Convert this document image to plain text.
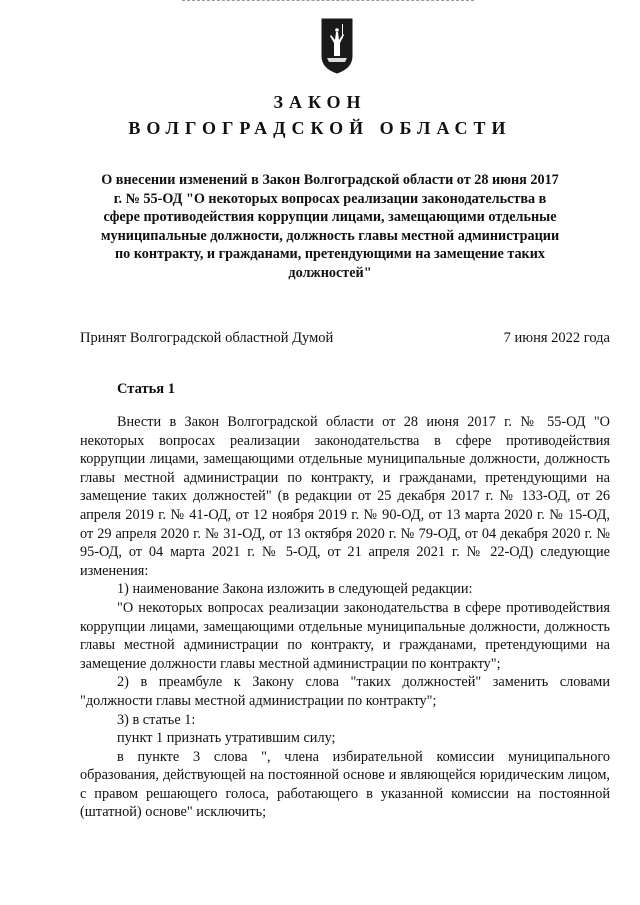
ЗАКОН
ВОЛГОГРАДСКОЙ ОБЛАСТИ
О внесении изменений в Закон Волгоградской области от 28 июня 2017 г. № 55-ОД "О некоторых вопросах реализации законодательства в сфере противодействия коррупции лицами, замещающими отдельные муниципальные должности, должность главы местной администрации по контракту, и гражданами, претендующими на замещение таких должностей"
Принят Волгоградской областной Думой	7 июня 2022 года
Статья 1

Внести в Закон Волгоградской области от 28 июня 2017 г. № 55-ОД "О некоторых вопросах реализации законодательства в сфере противодействия коррупции лицами, замещающими отдельные муниципальные должности, должность главы местной администрации по контракту, и гражданами, претендующими на замещение таких должностей" (в редакции от 25 декабря 2017 г. № 133-ОД, от 26 апреля 2019 г. № 41-ОД, от 12 ноября 2019 г. № 90-ОД, от 13 марта 2020 г. № 15-ОД, от 29 апреля 2020 г. № 31-ОД, от 13 октября 2020 г. № 79-ОД, от 04 декабря 2020 г. № 95-ОД, от 04 марта 2021 г. № 5-ОД, от 21 апреля 2021 г. № 22-ОД) следующие изменения:

1) наименование Закона изложить в следующей редакции:

"О некоторых вопросах реализации законодательства в сфере противодействия коррупции лицами, замещающими отдельные муниципальные должности, должность главы местной администрации по контракту, и гражданами, претендующими на замещение должности главы местной администрации по контракту";

2) в преамбуле к Закону слова "таких должностей" заменить словами "должности главы местной администрации по контракту";

3) в статье 1:

пункт 1 признать утратившим силу;

в пункте 3 слова ", члена избирательной комиссии муниципального образования, действующей на постоянной основе и являющейся юридическим лицом, с правом решающего голоса, работающего в указанной комиссии на постоянной (штатной) основе" исключить;
